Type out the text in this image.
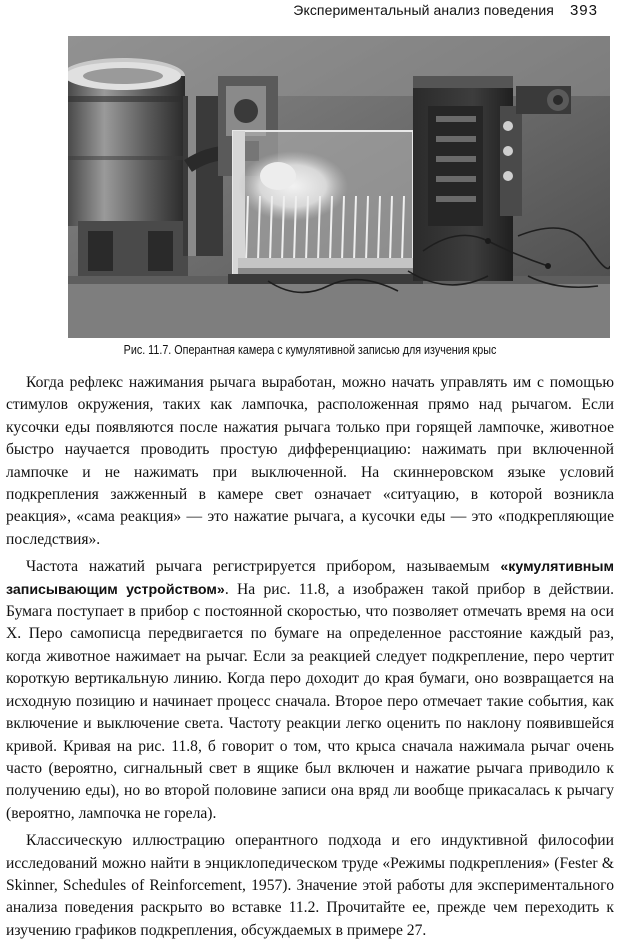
Экспериментальный анализ поведения 393
Рис. 11.7. Оперантная камера с кумулятивной записью для изучения крыс

Когда рефлекс нажимания рычага выработан, можно начать управлять им с помощью стимулов окружения, таких как лампочка, расположенная прямо над рычагом. Если кусочки еды появляются после нажатия рычага только при горящей лампочке, животное быстро научается проводить простую дифференциацию: нажимать при включенной лампочке и не нажимать при выключенной. На скиннеровском языке условий подкрепления зажженный в камере свет означает «ситуацию, в которой возникла реакция», «сама реакция» — это нажатие рычага, а кусочки еды — это «подкрепляющие последствия».

Частота нажатий рычага регистрируется прибором, называемым «кумулятивным записывающим устройством». На рис. 11.8, а изображен такой прибор в действии. Бумага поступает в прибор с постоянной скоростью, что позволяет отмечать время на оси X. Перо самописца передвигается по бумаге на определенное расстояние каждый раз, когда животное нажимает на рычаг. Если за реакцией следует подкрепление, перо чертит короткую вертикальную линию. Когда перо доходит до края бумаги, оно возвращается на исходную позицию и начинает процесс сначала. Второе перо отмечает такие события, как включение и выключение света. Частоту реакции легко оценить по наклону появившейся кривой. Кривая на рис. 11.8, б говорит о том, что крыса сначала нажимала рычаг очень часто (вероятно, сигнальный свет в ящике был включен и нажатие рычага приводило к получению еды), но во второй половине записи она вряд ли вообще прикасалась к рычагу (вероятно, лампочка не горела).

Классическую иллюстрацию оперантного подхода и его индуктивной философии исследований можно найти в энциклопедическом труде «Режимы подкрепления» (Fester & Skinner, Schedules of Reinforcement, 1957). Значение этой работы для экспериментального анализа поведения раскрыто во вставке 11.2. Прочитайте ее, прежде чем переходить к изучению графиков подкрепления, обсуждаемых в примере 27.
